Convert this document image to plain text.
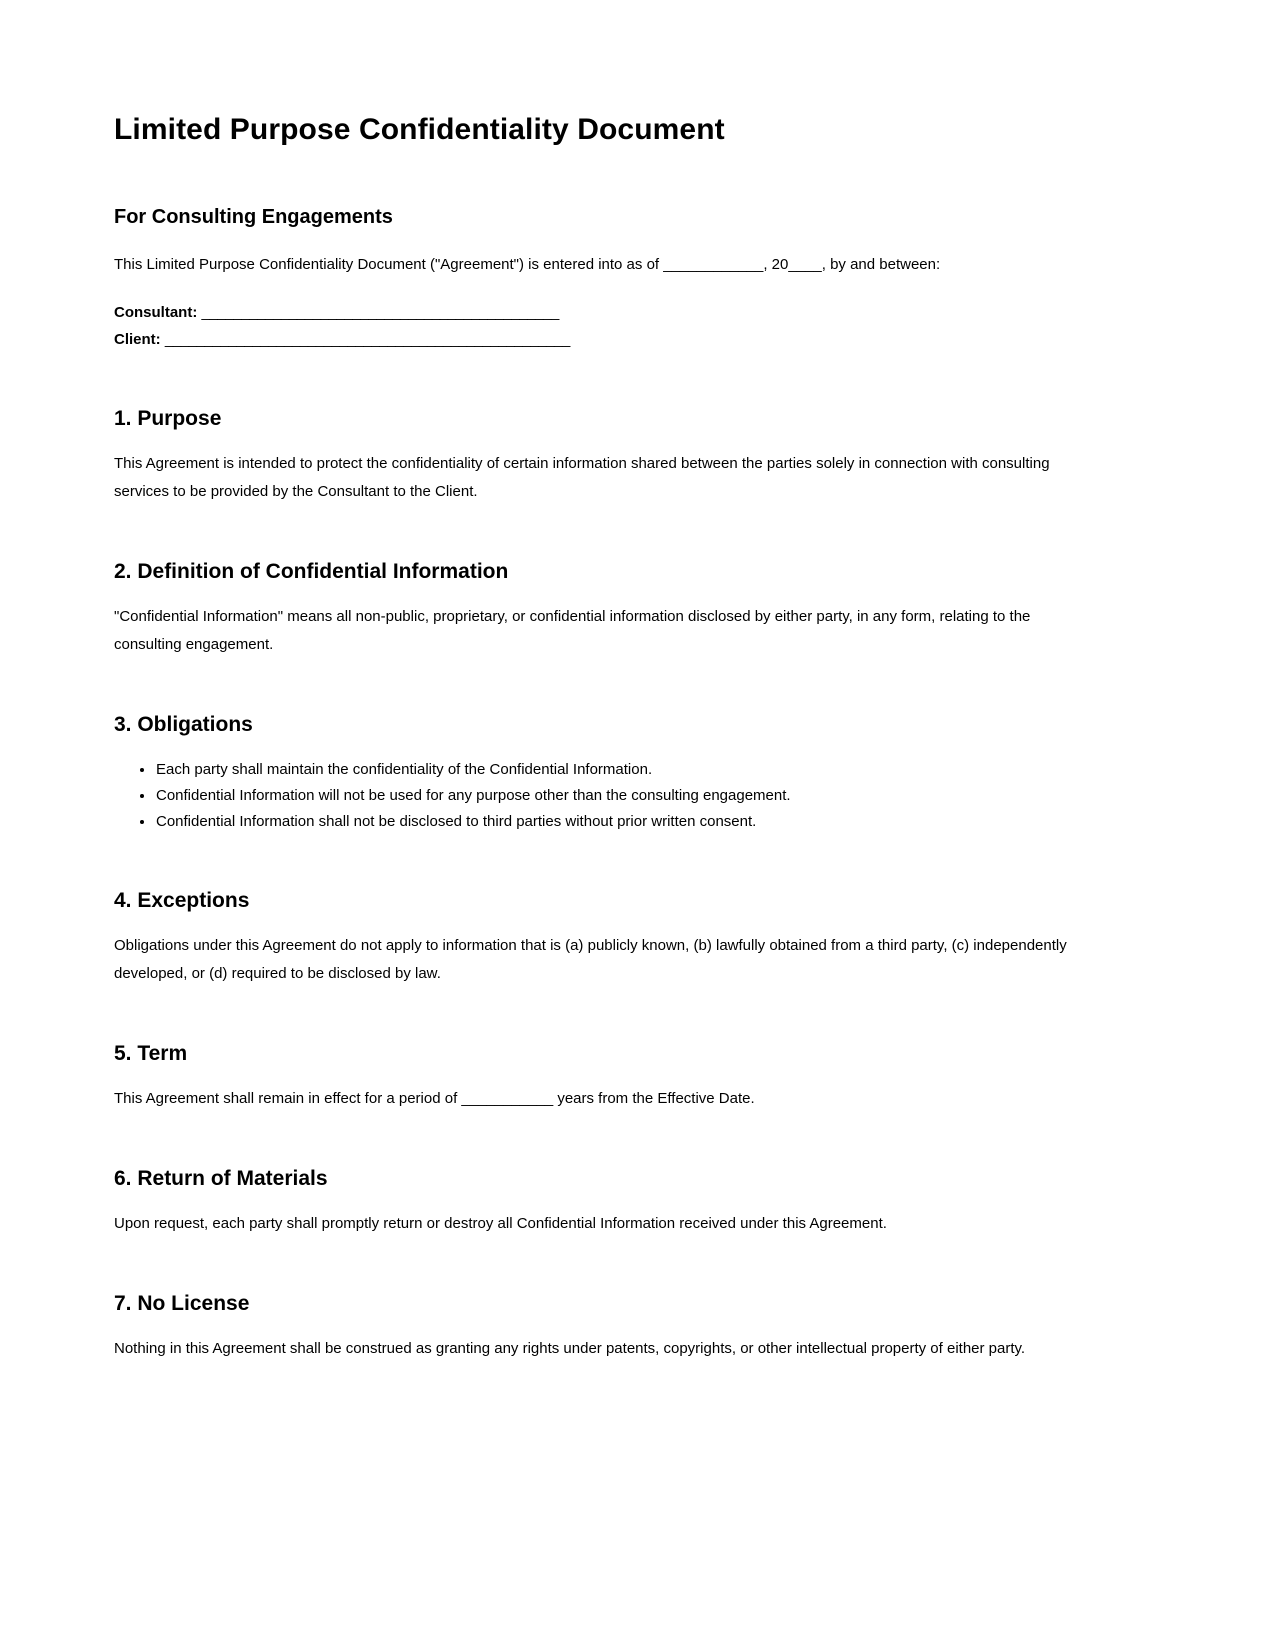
Limited Purpose Confidentiality Document
For Consulting Engagements

This Limited Purpose Confidentiality Document ("Agreement") is entered into as of ____________, 20____, by and between:

Consultant: _____________________________________________
Client: ___________________________________________________
1. Purpose

This Agreement is intended to protect the confidentiality of certain information shared between the parties solely in connection with consulting services to be provided by the Consultant to the Client.

2. Definition of Confidential Information

"Confidential Information" means all non-public, proprietary, or confidential information disclosed by either party, in any form, relating to the consulting engagement.

3. Obligations
Each party shall maintain the confidentiality of the Confidential Information.
Confidential Information will not be used for any purpose other than the consulting engagement.
Confidential Information shall not be disclosed to third parties without prior written consent.
4. Exceptions

Obligations under this Agreement do not apply to information that is (a) publicly known, (b) lawfully obtained from a third party, (c) independently developed, or (d) required to be disclosed by law.

5. Term

This Agreement shall remain in effect for a period of ___________ years from the Effective Date.

6. Return of Materials

Upon request, each party shall promptly return or destroy all Confidential Information received under this Agreement.

7. No License

Nothing in this Agreement shall be construed as granting any rights under patents, copyrights, or other intellectual property of either party.
